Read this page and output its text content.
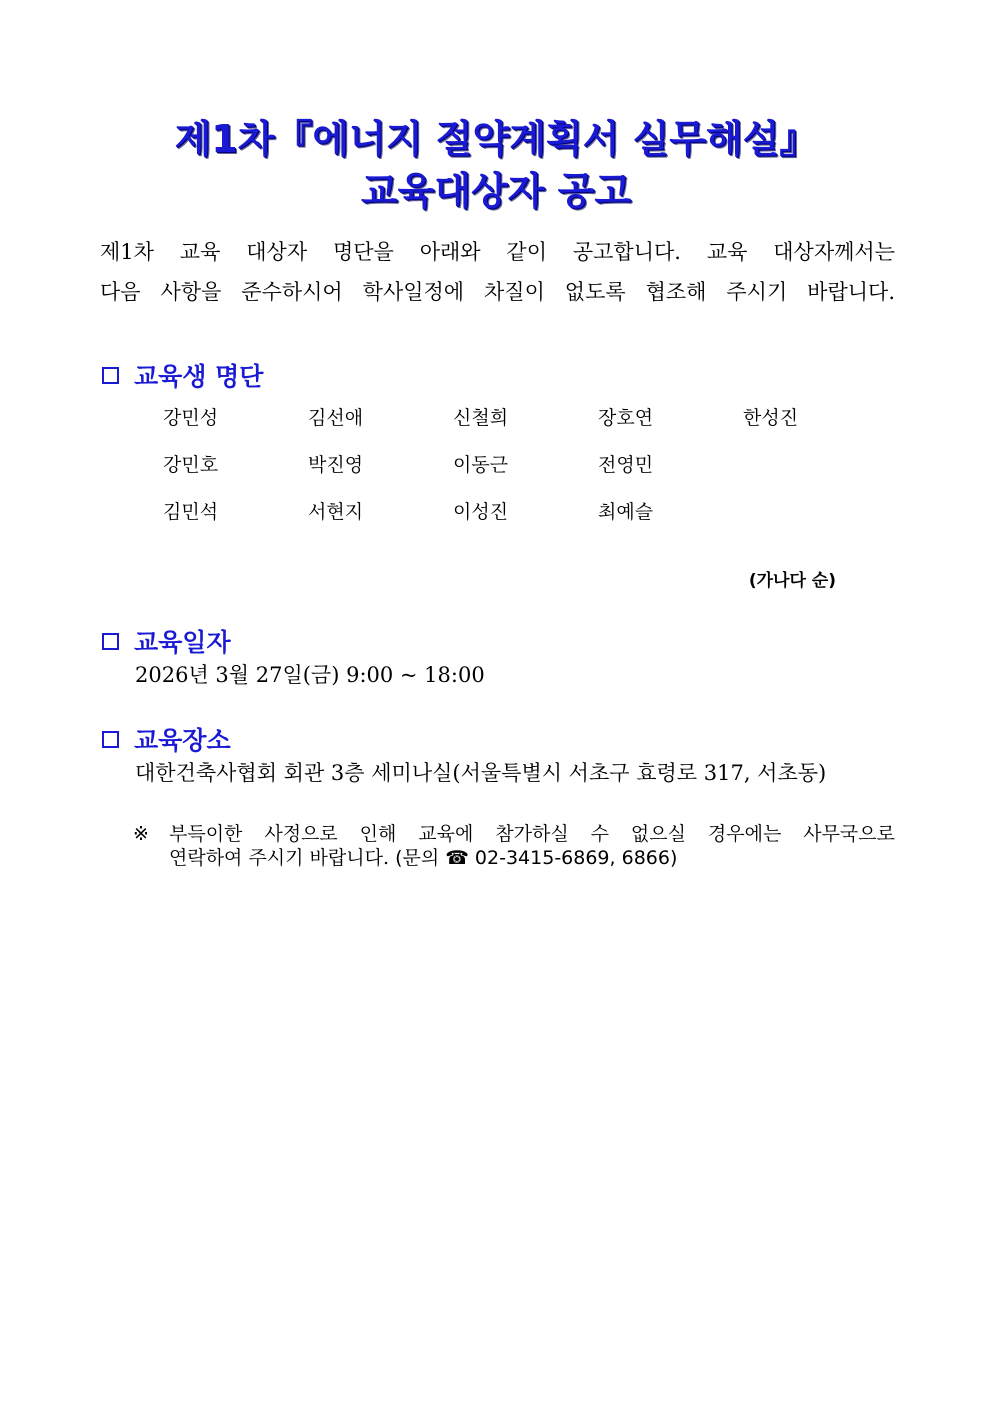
제1차『에너지 절약계획서 실무해설』
교육대상자 공고
제1차 교육 대상자 명단을 아래와 같이 공고합니다. 교육 대상자께서는
다음 사항을 준수하시어 학사일정에 차질이 없도록 협조해 주시기 바랍니다.
교육생 명단
강민성	김선애	신철희	장호연	한성진
강민호	박진영	이동근	전영민
김민석	서현지	이성진	최예슬
(가나다 순)
교육일자
2026년 3월 27일(금) 9:00 ~ 18:00
교육장소
대한건축사협회 회관 3층 세미나실(서울특별시 서초구 효령로 317, 서초동)
※ 부득이한 사정으로 인해 교육에 참가하실 수 없으실 경우에는 사무국으로
연락하여 주시기 바랍니다. (문의 ☎ 02-3415-6869, 6866)
